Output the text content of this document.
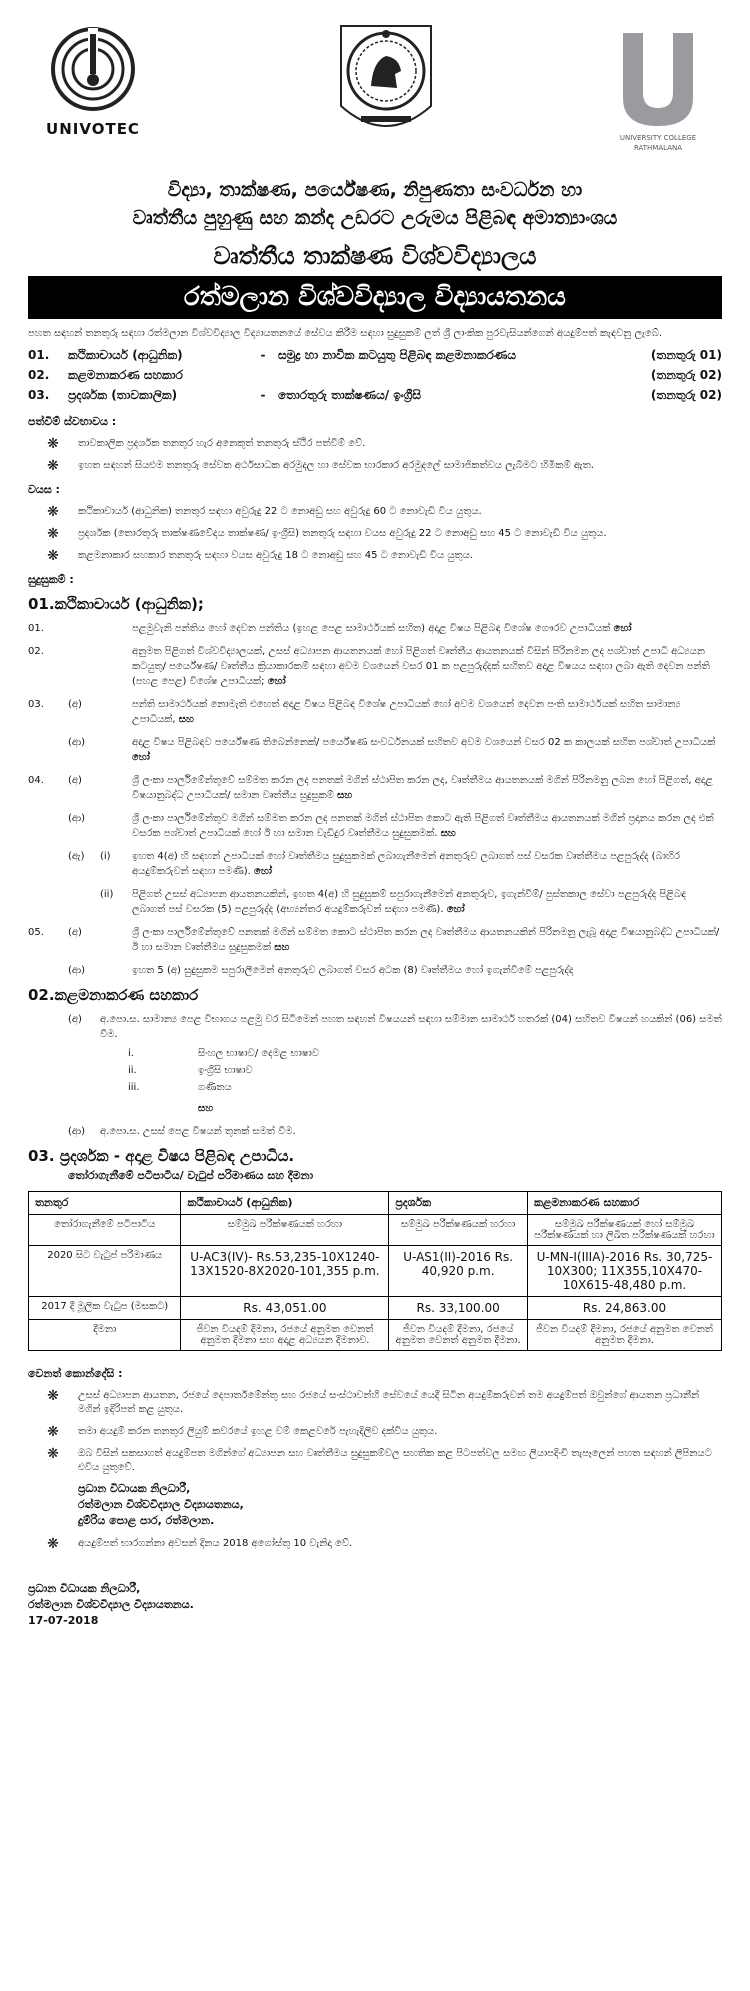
UNIVOTEC	UNIVERSITY COLLEGE
RATHMALANA
විද්‍යා, තාක්ෂණ, පර්යේෂණ, නිපුණතා සංවර්ධන හා
වෘත්තීය පුහුණු සහ කන්ද උඩරට උරුමය පිළිබඳ අමාත්‍යාංශය
වෘත්තීය තාක්ෂණ විශ්වවිද්‍යාලය
රත්මලාන විශ්වවිද්‍යාල විද්‍යායතනය
පහත සඳහන් තනතුරු සඳහා රත්මලාන විශ්වවිද්‍යාල විද්‍යායතනයේ සේවය කිරීම සඳහා සුදුසුකම් ලත් ශ්‍රී ලාංකික පුරවැසියන්ගෙන් අයදුම්පත් කැඳවනු ලැබේ.
01.	කථිකාචාර්ය (ආධුනික)	-	සමුද්‍ර හා නාවික කටයුතු පිළිබඳ කළමනාකරණය	(තනතුරු 01)
02.	කළමනාකරණ සහකාර	(තනතුරු 02)
03.	ප්‍රදර්ශක (තාවකාලික)	-	තොරතුරු තාක්ෂණය/ ඉංග්‍රීසි	(තනතුරු 02)
පත්වීම් ස්වභාවය :
❋	තාවකාලික ප්‍රදර්ශක තනතුර හැර අනෙකුත් තනතුරු ස්ථිර පත්වීම් වේ.
❋	ඉහත සඳහන් සියළුම තනතුරු සේවක අර්ථසාධක අරමුදල හා සේවක භාරකාර අරමුදලේ සාමාජිකත්වය ලැබීමට හිමිකම් ඇත.
වයස :
❋	කථිකාචාර්ය (ආධුනික) තනතුර සඳහා අවුරුදු 22 ට නොඅඩු සහ අවුරුදු 60 ට නොවැඩි විය යුතුය.
❋	ප්‍රදර්ශක (තොරතුරු තාක්ෂණවේදය තාක්ෂණ/ ඉංග්‍රීසි) තනතුරු සඳහා වයස අවුරුදු 22 ට නොඅඩු සහ 45 ට නොවැඩි විය යුතුය.
❋	කළමනාකාර සහකාර තනතුරු සඳහා වයස අවුරුදු 18 ට නොඅඩු සහ 45 ට නොවැඩි විය යුතුය.
සුදුසුකම් :
01.කථිකාචාර්ය (ආධුනික);
01.	පළමුවැනි පන්තිය හෝ දෙවන පන්තිය (ඉහළ පෙළ සාමාර්ථයක් සහිත) අදාළ විෂය පිළිබඳ විශේෂ ගෞරව උපාධියක් හෝ
02.	අනුමත පිළිගත් විශ්වවිද්‍යාලයක්, උසස් අධ්‍යාපන ආයතනයක් හෝ පිළිගත් වෘත්තීය ආයතනයක් විසින් පිරිනමන ලද පශ්චාත් උපාධි අධ්‍යයන කටයුතු/ පර්යේෂණ/ වෘත්තීය ක්‍රියාකාරකම් සඳහා අවම වශයෙන් වසර 01 ක පළපුරුද්දක් සහිතව අදාළ විෂයය සඳහා ලබා ඇති දෙවන පන්ති (පහළ පෙළ) විශේෂ උපාධියක්; හෝ
03.	(අ)	පන්ති සාමාර්ථයක් නොමැති එහෙත් අදාළ විෂය පිළිබඳ විශේෂ උපාධියක් හෝ අවම වශයෙන් දෙවන පංති සාමාර්ථයක් සහිත සාමාන්‍ය උපාධියක්, සහ
(ආ)	අදාළ විෂය පිළිබඳව පර්යේෂණ තිබෙන්නෙක්/ පර්යේෂණ සංවර්ධනයක් සහිතව අවම වශයෙන් වසර 02 ක කාලයක් සහිත පශ්චාත් උපාධියක් හෝ
04.	(අ)	ශ්‍රී ලංකා පාර්ලිමේන්තුවේ සම්මත කරන ලද පනතක් මගින් ස්ථාපිත කරන ලද, වෘත්තීමය ආයතනයක් මගින් පිරිනමනු ලබන හෝ පිළිගත්, අදාළ විෂයානුබද්ධ උපාධියක්/ සමාන වෘත්තීය සුදුසුකම් සහ
(ආ)	ශ්‍රී ලංකා පාර්ලිමේන්තුව මගින් සම්මත කරන ලද පනතක් මගින් ස්ථාපිත කොට ඇති පිළිගත් වෘත්තීමය ආයතනයක් මගින් ප්‍රදානය කරන ලද එක් වසරක පශ්චාත් උපාධියක් හෝ ඊ හා සමාන වැඩිදුර වෘත්තීමය සුදුසුකමක්. සහ
(ඇ)	(i)	ඉහත 4(අ) හි සඳහන් උපාධියක් හෝ වෘත්තීමය සුදුසුකමක් ලබාගැනීමෙන් අනතුරුව ලබාගත් පස් වසරක වෘත්තීමය පළපුරුද්ද (බාහිර අයදුම්කරුවන් සඳහා පමණි). හෝ
(ii)	පිළිගත් උසස් අධ්‍යාපන ආයතනයකින්, ඉහත 4(අ) හි සුදුසුකම් සපුරාගැනීමෙන් අනතුරුව, ඉගැන්වීම්/ පුස්තකාල සේවා පළපුරුද්ද පිළිබඳ ලබාගත් පස් වසරක (5) පළපුරුද්ද (අභ්‍යන්තර අයදුම්කරුවන් සඳහා පමණි). හෝ
05.	(අ)	ශ්‍රී ලංකා පාර්ලිමේන්තුවේ පනතක් මගින් සම්මත කොට ස්ථාපිත කරන ලද වෘත්තීමය ආයතනයකින් පිරිනමනු ලැබූ අදාළ විෂයානුබද්ධ උපාධියක්/ ඊ හා සමාන වෘත්තීමය සුදුසුකමක් සහ
(ආ)	ඉහත 5 (අ) සුදුසුකම සපුරාලීමෙන් අනතුරුව ලබාගත් වසර අටක (8) වෘත්තීමය හෝ ඉගැන්වීමේ පළපුරුද්ද
02.කළමනාකරණ සහකාර
(අ)	අ.පො.ස. සාමාන්‍ය පෙළ විභාගය පළමු වර සිටීමෙන් පහත සඳහන් විෂයයන් සඳහා සම්මාන සාමාර්ථ හතරක් (04) සහිතව විෂයන් හයකින් (06) සමත් වීම.
i.	සිංහල භාෂාව/ දෙමළ භාෂාව
ii.	ඉංග්‍රීසි භාෂාව
iii.	ගණිතය
සහ
(ආ)	අ.පො.ස. උසස් පෙළ විෂයන් තුනක් සමත් වීම.
03. ප්‍රදර්ශක - අදාළ විෂය පිළිබඳ උපාධිය.
තෝරාගැනීමේ පටිපාටිය/ වැටුප් පරිමාණය සහ දීමනා
තනතුර	කථිකාචාර්ය (ආධුනික)	ප්‍රදර්ශක	කළමනාකරණ සහකාර
තෝරාගැනීමේ පටිපාටිය	සම්මුඛ පරීක්ෂණයක් හරහා	සම්මුඛ පරීක්ෂණයක් හරහා	සම්මුඛ පරීක්ෂණයක් හෝ සම්මුඛ පරීක්ෂණයක් හා ලිඛිත පරීක්ෂණයක් හරහා
2020 සිට වැටුප් පරිමාණය	U-AC3(IV)- Rs.53,235-10X1240-13X1520-8X2020-101,355 p.m.	U-AS1(II)-2016 Rs. 40,920 p.m.	U-MN-I(IIIA)-2016 Rs. 30,725-10X300; 11X355,10X470-10X615-48,480 p.m.
2017 දී මූලික වැටුප (මසකට)	Rs. 43,051.00	Rs. 33,100.00	Rs. 24,863.00
දීමනා	ජීවන වියදම් දීමනා, රජයේ අනුමත වෙනත් අනුමත දීමනා සහ අදාළ අධ්‍යයන දීමනාව.	ජීවන වියදම් දීමනා, රජයේ අනුමත වෙනත් අනුමත දීමනා.	ජීවන වියදම් දීමනා, රජයේ අනුමත වෙනත් අනුමත දීමනා.
වෙනත් කොන්දේසි :
❋	උසස් අධ්‍යාපන ආයතන, රජයේ දෙපාර්තමේන්තු සහ රජයේ සංස්ථාවන්හි සේවයේ යෙදී සිටින අයදුම්කරුවන් තම අයදුම්පත් ඔවුන්ගේ ආයතන ප්‍රධානීන් මගින් ඉදිරිපත් කළ යුතුය.
❋	තමා අයදුම් කරන තනතුර ලියුම් කවරයේ ඉහළ වම් කෙළවරේ පැහැදිලිව දක්විය යුතුය.
❋	ඔබ විසින් සකසාගත් අයදුම්පත මගින්ගේ අධ්‍යාපන සහ වෘත්තීමය සුදුසුකම්වල සහතික කළ පිටපත්වල සමඟ ලියාපදිංචි තැපෑලෙන් පහත සඳහන් ලිපිනයට එවිය යුතුවේ.
ප්‍රධාන විධායක නිලධාරී,
රත්මලාන විශ්වවිද්‍යාල විද්‍යායතනය,
දුම්රිය පොළ පාර, රත්මලාන.
❋	අයදුම්පත් භාරගන්නා අවසන් දිනය 2018 අගෝස්තු 10 වැනිදා වේ.
ප්‍රධාන විධායක නිලධාරී,
රත්මලාන විශ්වවිද්‍යාල විද්‍යායතනය.
17-07-2018
